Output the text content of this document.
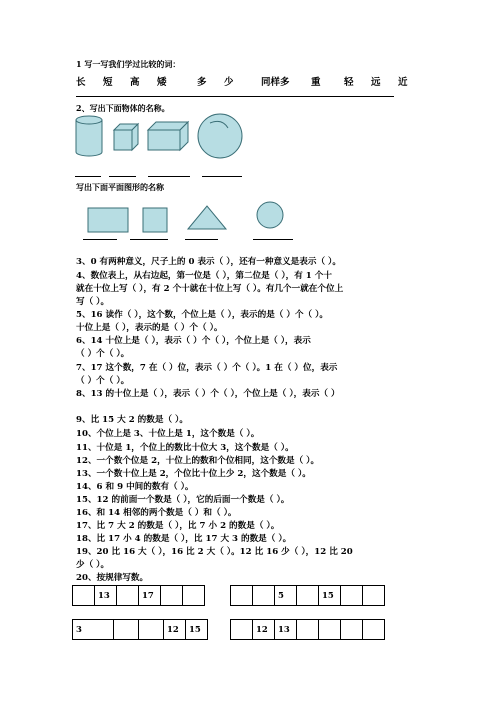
1 写一写我们学过比较的词：
长	短	高	矮	多	少	同样多	重	轻	远	近
2、写出下面物体的名称。
写出下面平面图形的名称
3、0 有两种意义，尺子上的 0 表示（ ），还有一种意义是表示（ ）。
4、数位表上，从右边起，第一位是（ ），第二位是（ ），有 1 个十
就在十位上写（ ），有 2 个十就在十位上写（ ）。有几个一就在个位上
写（ ）。
5、16 读作（ ），这个数，个位上是（ ），表示的是（ ）个（ ）。
十位上是（ ），表示的是（ ）个（ ）。
6、14 十位上是（ ），表示（ ）个（ ），个位上是（ ），表示
（ ）个（ ）。
7、17 这个数，7 在（ ）位，表示（ ）个（ ）。1 在（ ）位，表示
（ ）个（ ）。
8、13 的十位上是（ ），表示（ ）个（ ），个位上是（ ），表示（ ）
9、比 15 大 2 的数是（ ）。
10、个位上是 3、十位上是 1，这个数是（ ）。
11、十位是 1，个位上的数比十位大 3，这个数是（ ）。
12、一个数个位是 2，十位上的数和个位相同，这个数是（ ）。
13、一个数十位上是 2，个位比十位上少 2，这个数是（ ）。
14、6 和 9 中间的数有（ ）。
15、12 的前面一个数是（ ），它的后面一个数是（ ）。
16、和 14 相邻的两个数是（ ）和（ ）。
17、比 7 大 2 的数是（ ），比 7 小 2 的数是（ ）。
18、比 17 小 4 的数是（ ），比 17 大 3 的数是（ ）。
19、20 比 16 大（ ），16 比 2 大（ ）。12 比 16 少（ ），12 比 20
少（ ）。
20、按规律写数。
	13		17		
			5		15		
3			12	15
		12	13				
